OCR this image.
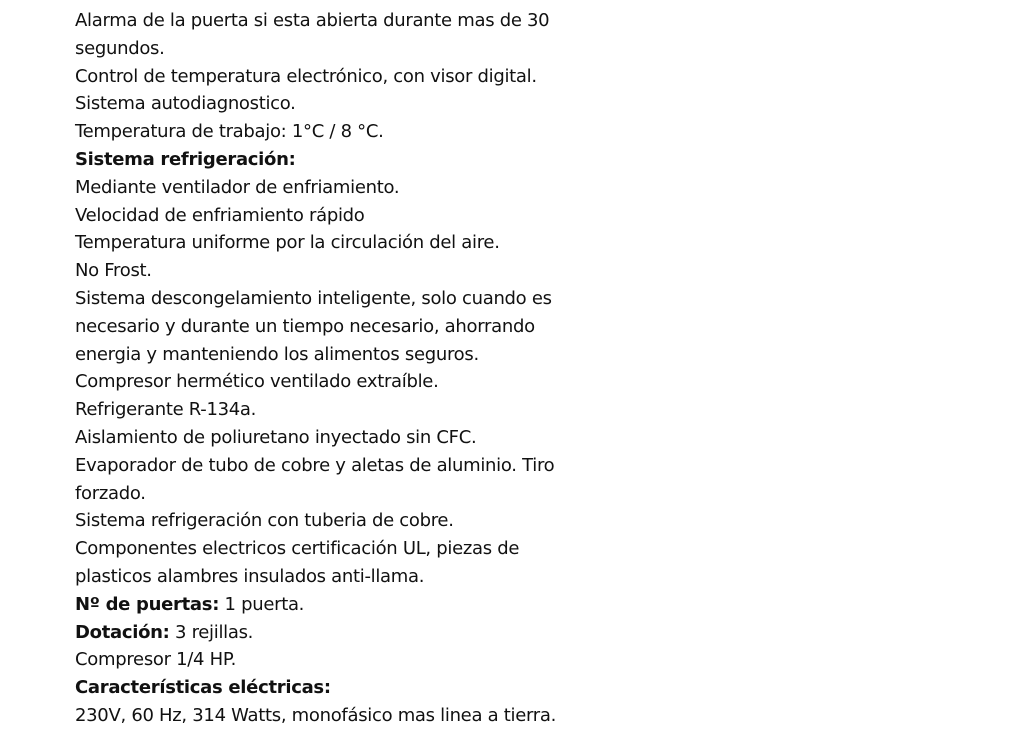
Alarma de la puerta si esta abierta durante mas de 30
segundos.
Control de temperatura electrónico, con visor digital.
Sistema autodiagnostico.
Temperatura de trabajo: 1°C / 8 °C.
Sistema refrigeración:
Mediante ventilador de enfriamiento.
Velocidad de enfriamiento rápido
Temperatura uniforme por la circulación del aire.
No Frost.
Sistema descongelamiento inteligente, solo cuando es
necesario y durante un tiempo necesario, ahorrando
energia y manteniendo los alimentos seguros.
Compresor hermético ventilado extraíble.
Refrigerante R-134a.
Aislamiento de poliuretano inyectado sin CFC.
Evaporador de tubo de cobre y aletas de aluminio. Tiro
forzado.
Sistema refrigeración con tuberia de cobre.
Componentes electricos certificación UL, piezas de
plasticos alambres insulados anti-llama.
Nº de puertas: 1 puerta.
Dotación: 3 rejillas.
Compresor 1/4 HP.
Características eléctricas:
230V, 60 Hz, 314 Watts, monofásico mas linea a tierra.
